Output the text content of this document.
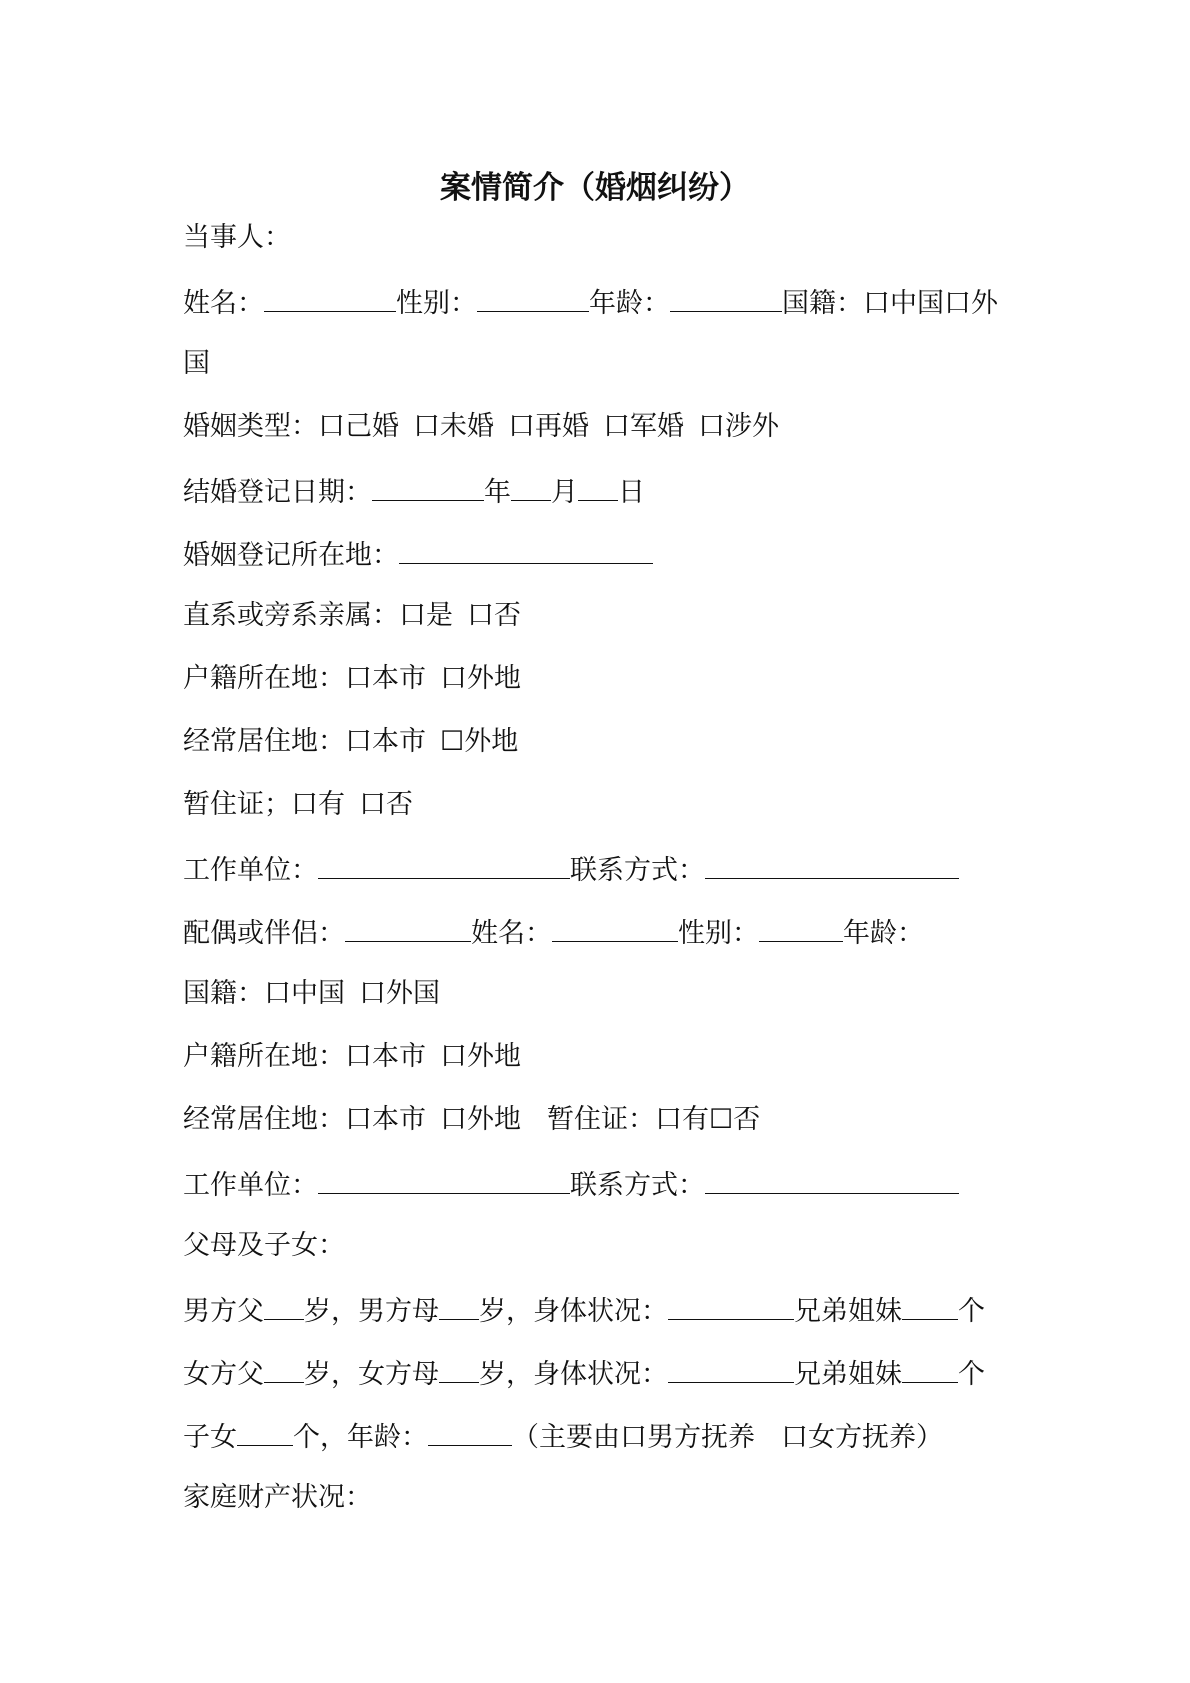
案情简介（婚烟纠纷）
当事人：
姓名：	性别：	年龄：	国籍：口中国口外
国
婚姻类型：口己婚 口未婚 口再婚 口军婚 口涉外
结婚登记日期：	年 月 日
婚姻登记所在地：
直系或旁系亲属：口是 口否
户籍所在地：口本市 口外地
经常居住地：口本市 ☐外地
暂住证；口有 口否
工作单位：	联系方式：
配偶或伴侣：	姓名：	性别：	年龄：
国籍：口中国 口外国
户籍所在地：口本市 口外地
经常居住地：口本市 口外地 暂住证：口有☐否
工作单位：	联系方式：
父母及子女：
男方父 岁，男方母 岁，身体状况：	兄弟姐妹 个
女方父 岁，女方母 岁，身体状况：	兄弟姐妹 个
子女 个，年龄：	（主要由口男方抚养 口女方抚养）
家庭财产状况：
